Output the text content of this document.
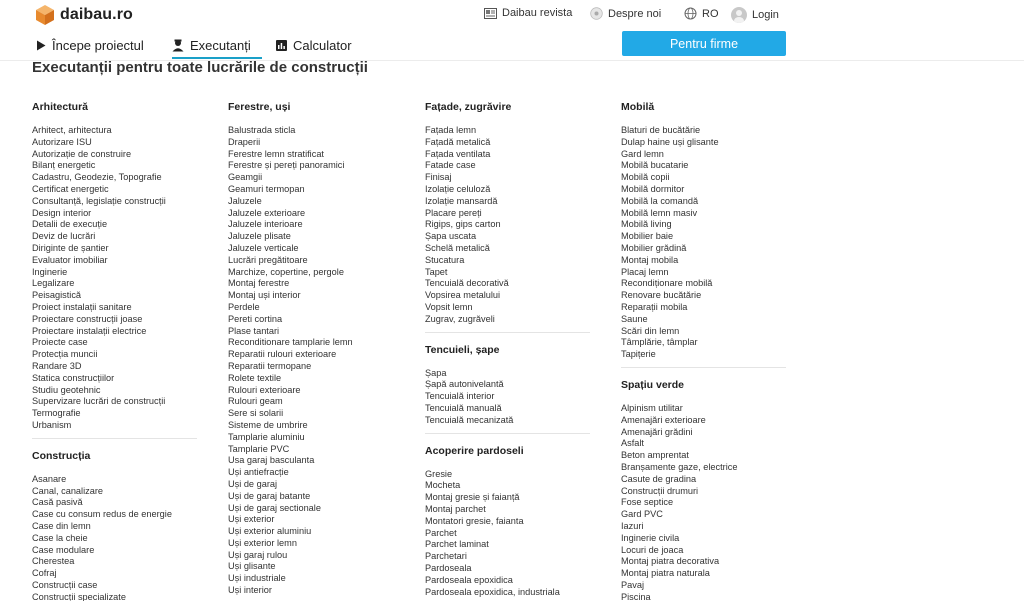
daibau.ro	Daibau revista	Despre noi	RO	Login
Începe proiectul	Executanți	Calculator	Pentru firme
Executanții pentru toate lucrările de construcții
Arhitectură
Arhitect, arhitectura
Autorizare ISU
Autorizație de construire
Bilanț energetic
Cadastru, Geodezie, Topografie
Certificat energetic
Consultanță, legislație construcții
Design interior
Detalii de execuție
Deviz de lucrări
Diriginte de șantier
Evaluator imobiliar
Inginerie
Legalizare
Peisagistică
Proiect instalații sanitare
Proiectare construcții joase
Proiectare instalații electrice
Proiecte case
Protecția muncii
Randare 3D
Statica construcțiilor
Studiu geotehnic
Supervizare lucrări de construcții
Termografie
Urbanism
Construcția
Asanare
Canal, canalizare
Casă pasivă
Case cu consum redus de energie
Case din lemn
Case la cheie
Case modulare
Cherestea
Cofraj
Construcții case
Construcții specializate
Ferestre, uși
Balustrada sticla
Draperii
Ferestre lemn stratificat
Ferestre și pereți panoramici
Geamgii
Geamuri termopan
Jaluzele
Jaluzele exterioare
Jaluzele interioare
Jaluzele plisate
Jaluzele verticale
Lucrări pregătitoare
Marchize, copertine, pergole
Montaj ferestre
Montaj uși interior
Perdele
Pereti cortina
Plase tantari
Reconditionare tamplarie lemn
Reparatii rulouri exterioare
Reparatii termopane
Rolete textile
Rulouri exterioare
Rulouri geam
Sere si solarii
Sisteme de umbrire
Tamplarie aluminiu
Tamplarie PVC
Usa garaj basculanta
Uși antiefracție
Uși de garaj
Uși de garaj batante
Uși de garaj sectionale
Uși exterior
Uși exterior aluminiu
Uși exterior lemn
Uși garaj rulou
Uși glisante
Uși industriale
Uși interior
Fațade, zugrăvire
Fațada lemn
Fațadă metalică
Fațada ventilata
Fatade case
Finisaj
Izolație celuloză
Izolație mansardă
Placare pereți
Rigips, gips carton
Șapa uscata
Schelă metalică
Stucatura
Tapet
Tencuială decorativă
Vopsirea metalului
Vopsit lemn
Zugrav, zugrăveli
Tencuieli, șape
Șapa
Șapă autonivelantă
Tencuială interior
Tencuială manuală
Tencuială mecanizată
Acoperire pardoseli
Gresie
Mocheta
Montaj gresie și faianță
Montaj parchet
Montatori gresie, faianta
Parchet
Parchet laminat
Parchetari
Pardoseala
Pardoseala epoxidica
Pardoseala epoxidica, industriala
Mobilă
Blaturi de bucătărie
Dulap haine uși glisante
Gard lemn
Mobilă bucatarie
Mobilă copii
Mobilă dormitor
Mobilă la comandă
Mobilă lemn masiv
Mobilă living
Mobilier baie
Mobilier grădină
Montaj mobila
Placaj lemn
Recondiționare mobilă
Renovare bucătărie
Reparații mobila
Saune
Scări din lemn
Tâmplărie, tâmplar
Tapițerie
Spațiu verde
Alpinism utilitar
Amenajări exterioare
Amenajări grădini
Asfalt
Beton amprentat
Branșamente gaze, electrice
Casute de gradina
Construcții drumuri
Fose septice
Gard PVC
Iazuri
Inginerie civila
Locuri de joaca
Montaj piatra decorativa
Montaj piatra naturala
Pavaj
Piscina
